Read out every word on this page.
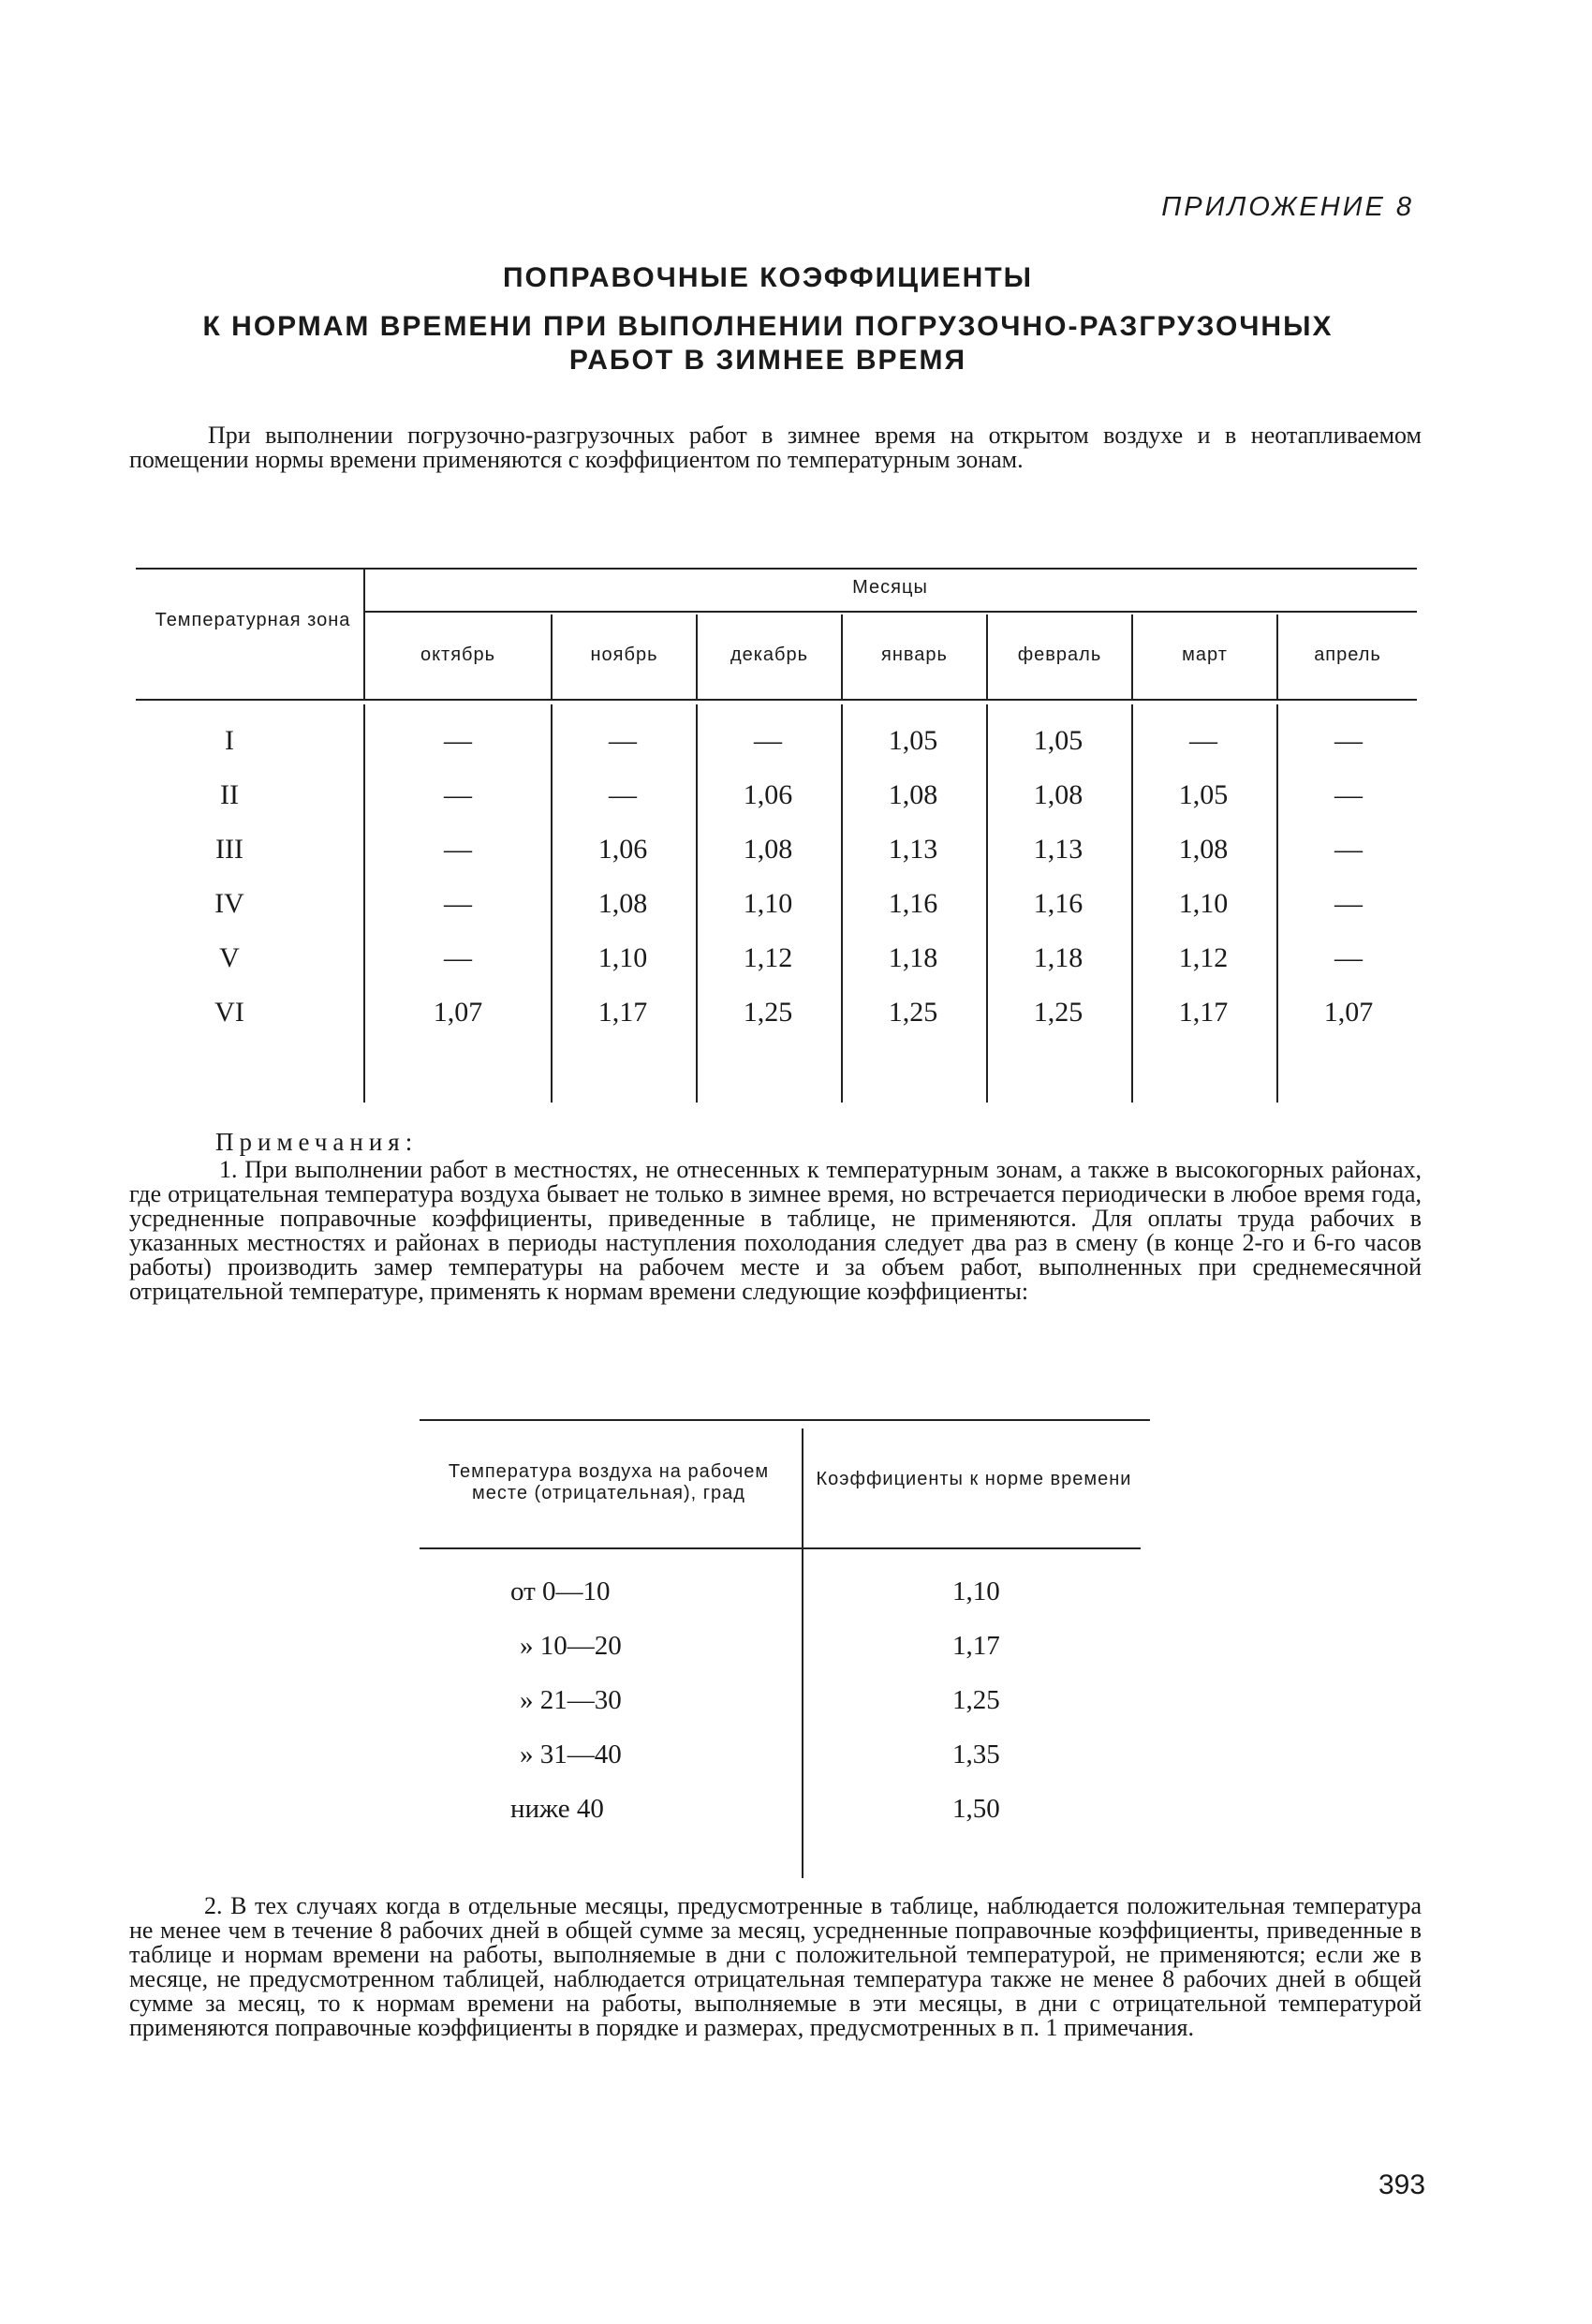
ПРИЛОЖЕНИЕ 8
ПОПРАВОЧНЫЕ КОЭФФИЦИЕНТЫ
К НОРМАМ ВРЕМЕНИ ПРИ ВЫПОЛНЕНИИ ПОГРУЗОЧНО-РАЗГРУЗОЧНЫХ
РАБОТ В ЗИМНЕЕ ВРЕМЯ
При выполнении погрузочно-разгрузочных работ в зимнее время на открытом воздухе и в неотапливаемом помещении нормы времени применяются с коэффициентом по температурным зонам.
Температурная зона
Месяцы
октябрь	ноябрь	декабрь	январь	февраль	март	апрель
I	—	—	—	1,05	1,05	—	—
II	—	—	1,06	1,08	1,08	1,05	—
III	—	1,06	1,08	1,13	1,13	1,08	—
IV	—	1,08	1,10	1,16	1,16	1,10	—
V	—	1,10	1,12	1,18	1,18	1,12	—
VI	1,07	1,17	1,25	1,25	1,25	1,17	1,07
Примечания:
1. При выполнении работ в местностях, не отнесенных к температурным зонам, а также в высокогорных районах, где отрицательная температура воздуха бывает не только в зимнее время, но встречается периодически в любое время года, усредненные поправочные коэффициенты, приведенные в таблице, не применяются. Для оплаты труда рабочих в указанных местностях и районах в периоды наступления похолодания следует два раз в смену (в конце 2-го и 6-го часов работы) производить замер температуры на рабочем месте и за объем работ, выполненных при среднемесячной отрицательной температуре, применять к нормам времени следующие коэффициенты:
Температура воздуха на рабочем месте (отрицательная), град
Коэффициенты к норме времени
от 0—10	1,10
» 10—20	1,17
» 21—30	1,25
» 31—40	1,35
ниже 40	1,50
2. В тех случаях когда в отдельные месяцы, предусмотренные в таблице, наблюдается положительная температура не менее чем в течение 8 рабочих дней в общей сумме за месяц, усредненные поправочные коэффициенты, приведенные в таблице и нормам времени на работы, выполняемые в дни с положительной температурой, не применяются; если же в месяце, не предусмотренном таблицей, наблюдается отрицательная температура также не менее 8 рабочих дней в общей сумме за месяц, то к нормам времени на работы, выполняемые в эти месяцы, в дни с отрицательной температурой применяются поправочные коэффициенты в порядке и размерах, предусмотренных в п. 1 примечания.
393
